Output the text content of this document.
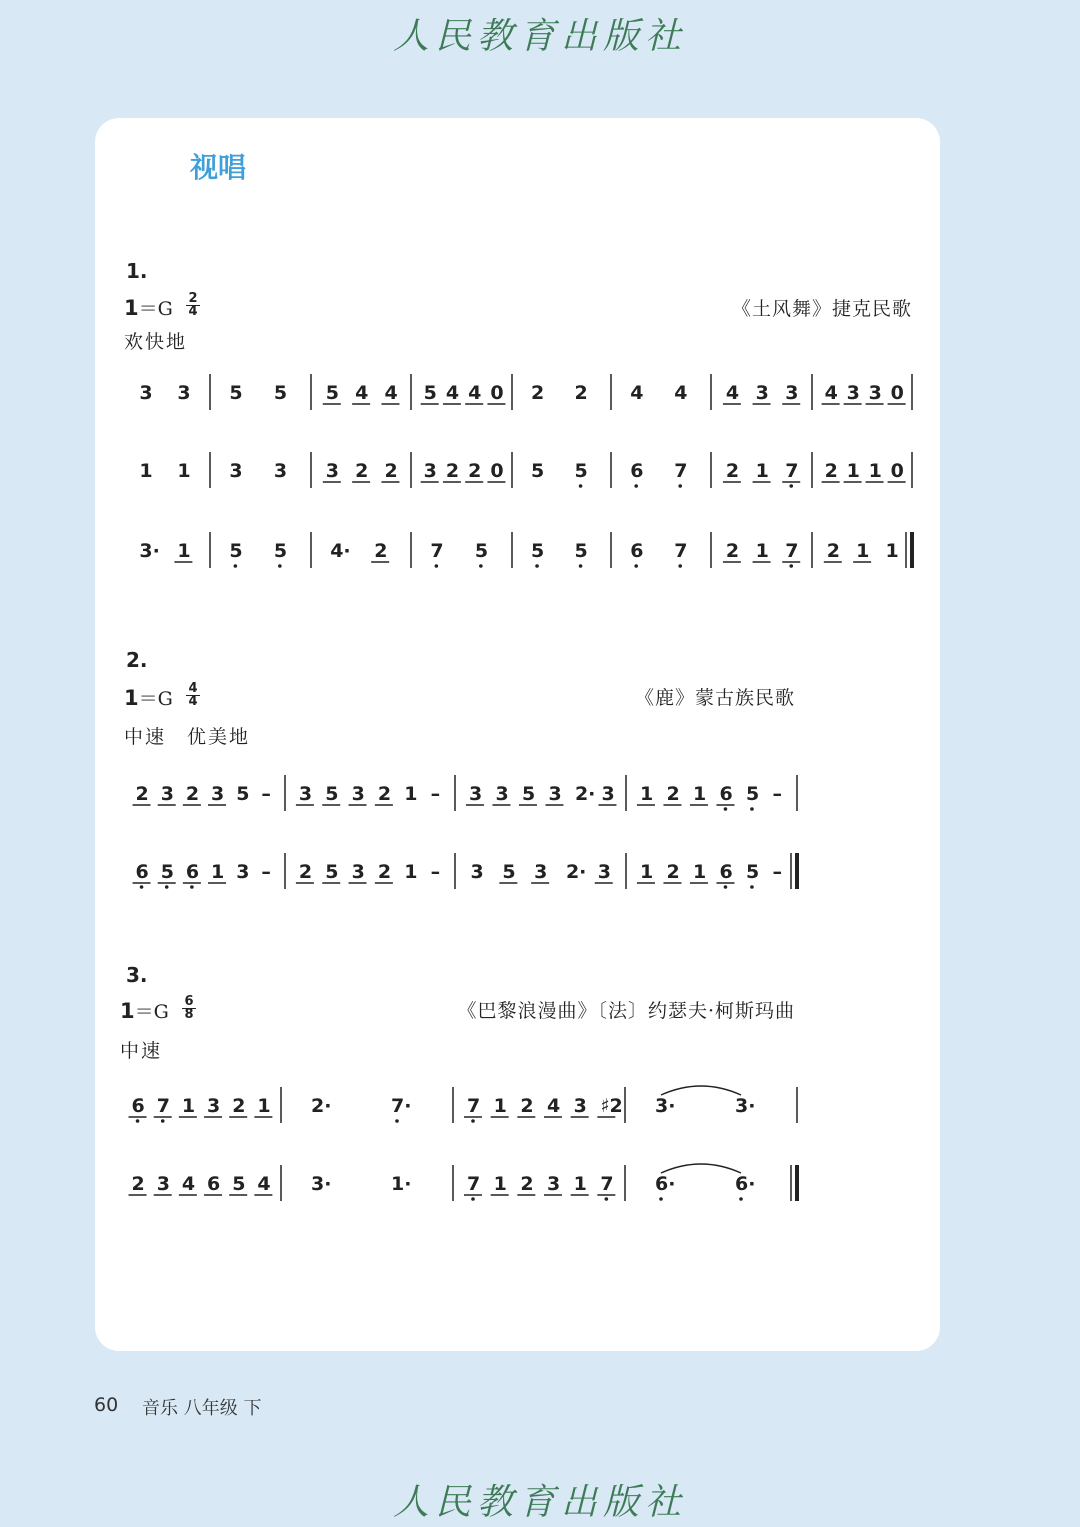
人民教育出版社
视唱
1.
1＝G 2
4	《土风舞》捷克民歌
欢快地
2.
1＝G 4
4	《鹿》蒙古族民歌
中速　优美地
3.
1＝G 6
8	《巴黎浪漫曲》〔法〕约瑟夫·柯斯玛曲
中速
3 3 5 5 5 4 4 5 4 4 0 2 2 4 4 4 3 3 4 3 3 0
1 1 3 3 3 2 2 3 2 2 0 5 5 6 7 2 1 7 2 1 1 0
3· 1 5 5 4· 2 7 5 5 5 6 7 2 1 7 2 1 1
2 3 2 3 5 – 3 5 3 2 1 – 3 3 5 3 2· 3 1 2 1 6 5 –
6 5 6 1 3 – 2 5 3 2 1 – 3 5 3 2· 3 1 2 1 6 5 –
6 7 1 3 2 1 2·	7·	7 1 2 4 3 ♯2 3·	3·
2 3 4 6 5 4 3·	1·	7 1 2 3 1 7 6·	6·
60 音乐 八年级 下
人民教育出版社
